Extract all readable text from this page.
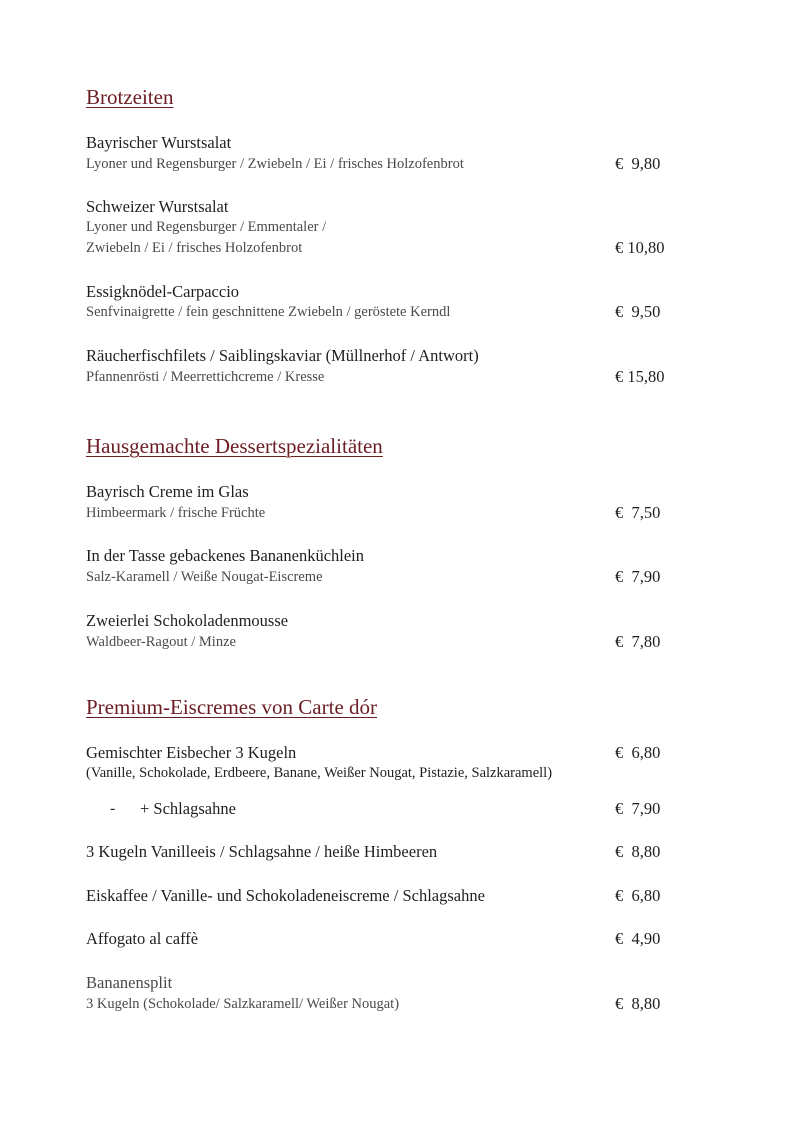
Brotzeiten
Bayrischer Wurstsalat
Lyoner und Regensburger / Zwiebeln / Ei / frisches Holzofenbrot	€  9,80
Schweizer Wurstsalat
Lyoner und Regensburger / Emmentaler /
Zwiebeln / Ei / frisches Holzofenbrot	€ 10,80
Essigknödel-Carpaccio
Senfvinaigrette / fein geschnittene Zwiebeln / geröstete Kerndl	€  9,50
Räucherfischfilets / Saiblingskaviar (Müllnerhof / Antwort)
Pfannenrösti / Meerrettichcreme / Kresse	€ 15,80
Hausgemachte Dessertspezialitäten
Bayrisch Creme im Glas
Himbeermark / frische Früchte	€  7,50
In der Tasse gebackenes Bananenküchlein
Salz-Karamell / Weiße Nougat-Eiscreme	€  7,90
Zweierlei Schokoladenmousse
Waldbeer-Ragout / Minze	€  7,80
Premium-Eiscremes von Carte dór
Gemischter Eisbecher 3 Kugeln	€  6,80
(Vanille, Schokolade, Erdbeere, Banane, Weißer Nougat, Pistazie, Salzkaramell)
- + Schlagsahne	€  7,90
3 Kugeln Vanilleeis / Schlagsahne / heiße Himbeeren	€  8,80
Eiskaffee / Vanille- und Schokoladeneiscreme / Schlagsahne	€  6,80
Affogato al caffè	€  4,90
Bananensplit
3 Kugeln (Schokolade/ Salzkaramell/ Weißer Nougat)	€  8,80
